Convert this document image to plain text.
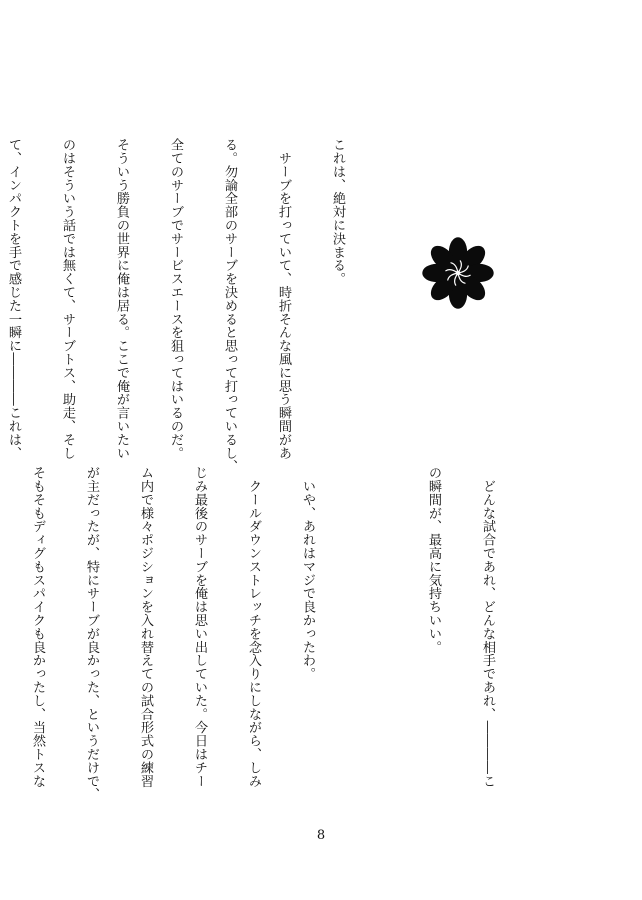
これは、絶対に決まる。

　サーブを打っていて、時折そんな風に思う瞬間があ

る。勿論全部のサーブを決めると思って打っているし、

全てのサーブでサービスエースを狙ってはいるのだ。

そういう勝負の世界に俺は居る。ここで俺が言いたい

のはそういう話では無くて、サーブトス、助走、そし

て、インパクトを手で感じた一瞬に――――これは、

　どんな試合であれ、どんな相手であれ、――――こ

の瞬間が、最高に気持ちいい。

　いや、あれはマジで良かったわ。

　クールダウンストレッチを念入りにしながら、しみ

じみ最後のサーブを俺は思い出していた。今日はチー

ム内で様々ポジションを入れ替えての試合形式の練習

が主だったが、特にサーブが良かった、というだけで、

そもそもディグもスパイクも良かったし、当然トスな

8
